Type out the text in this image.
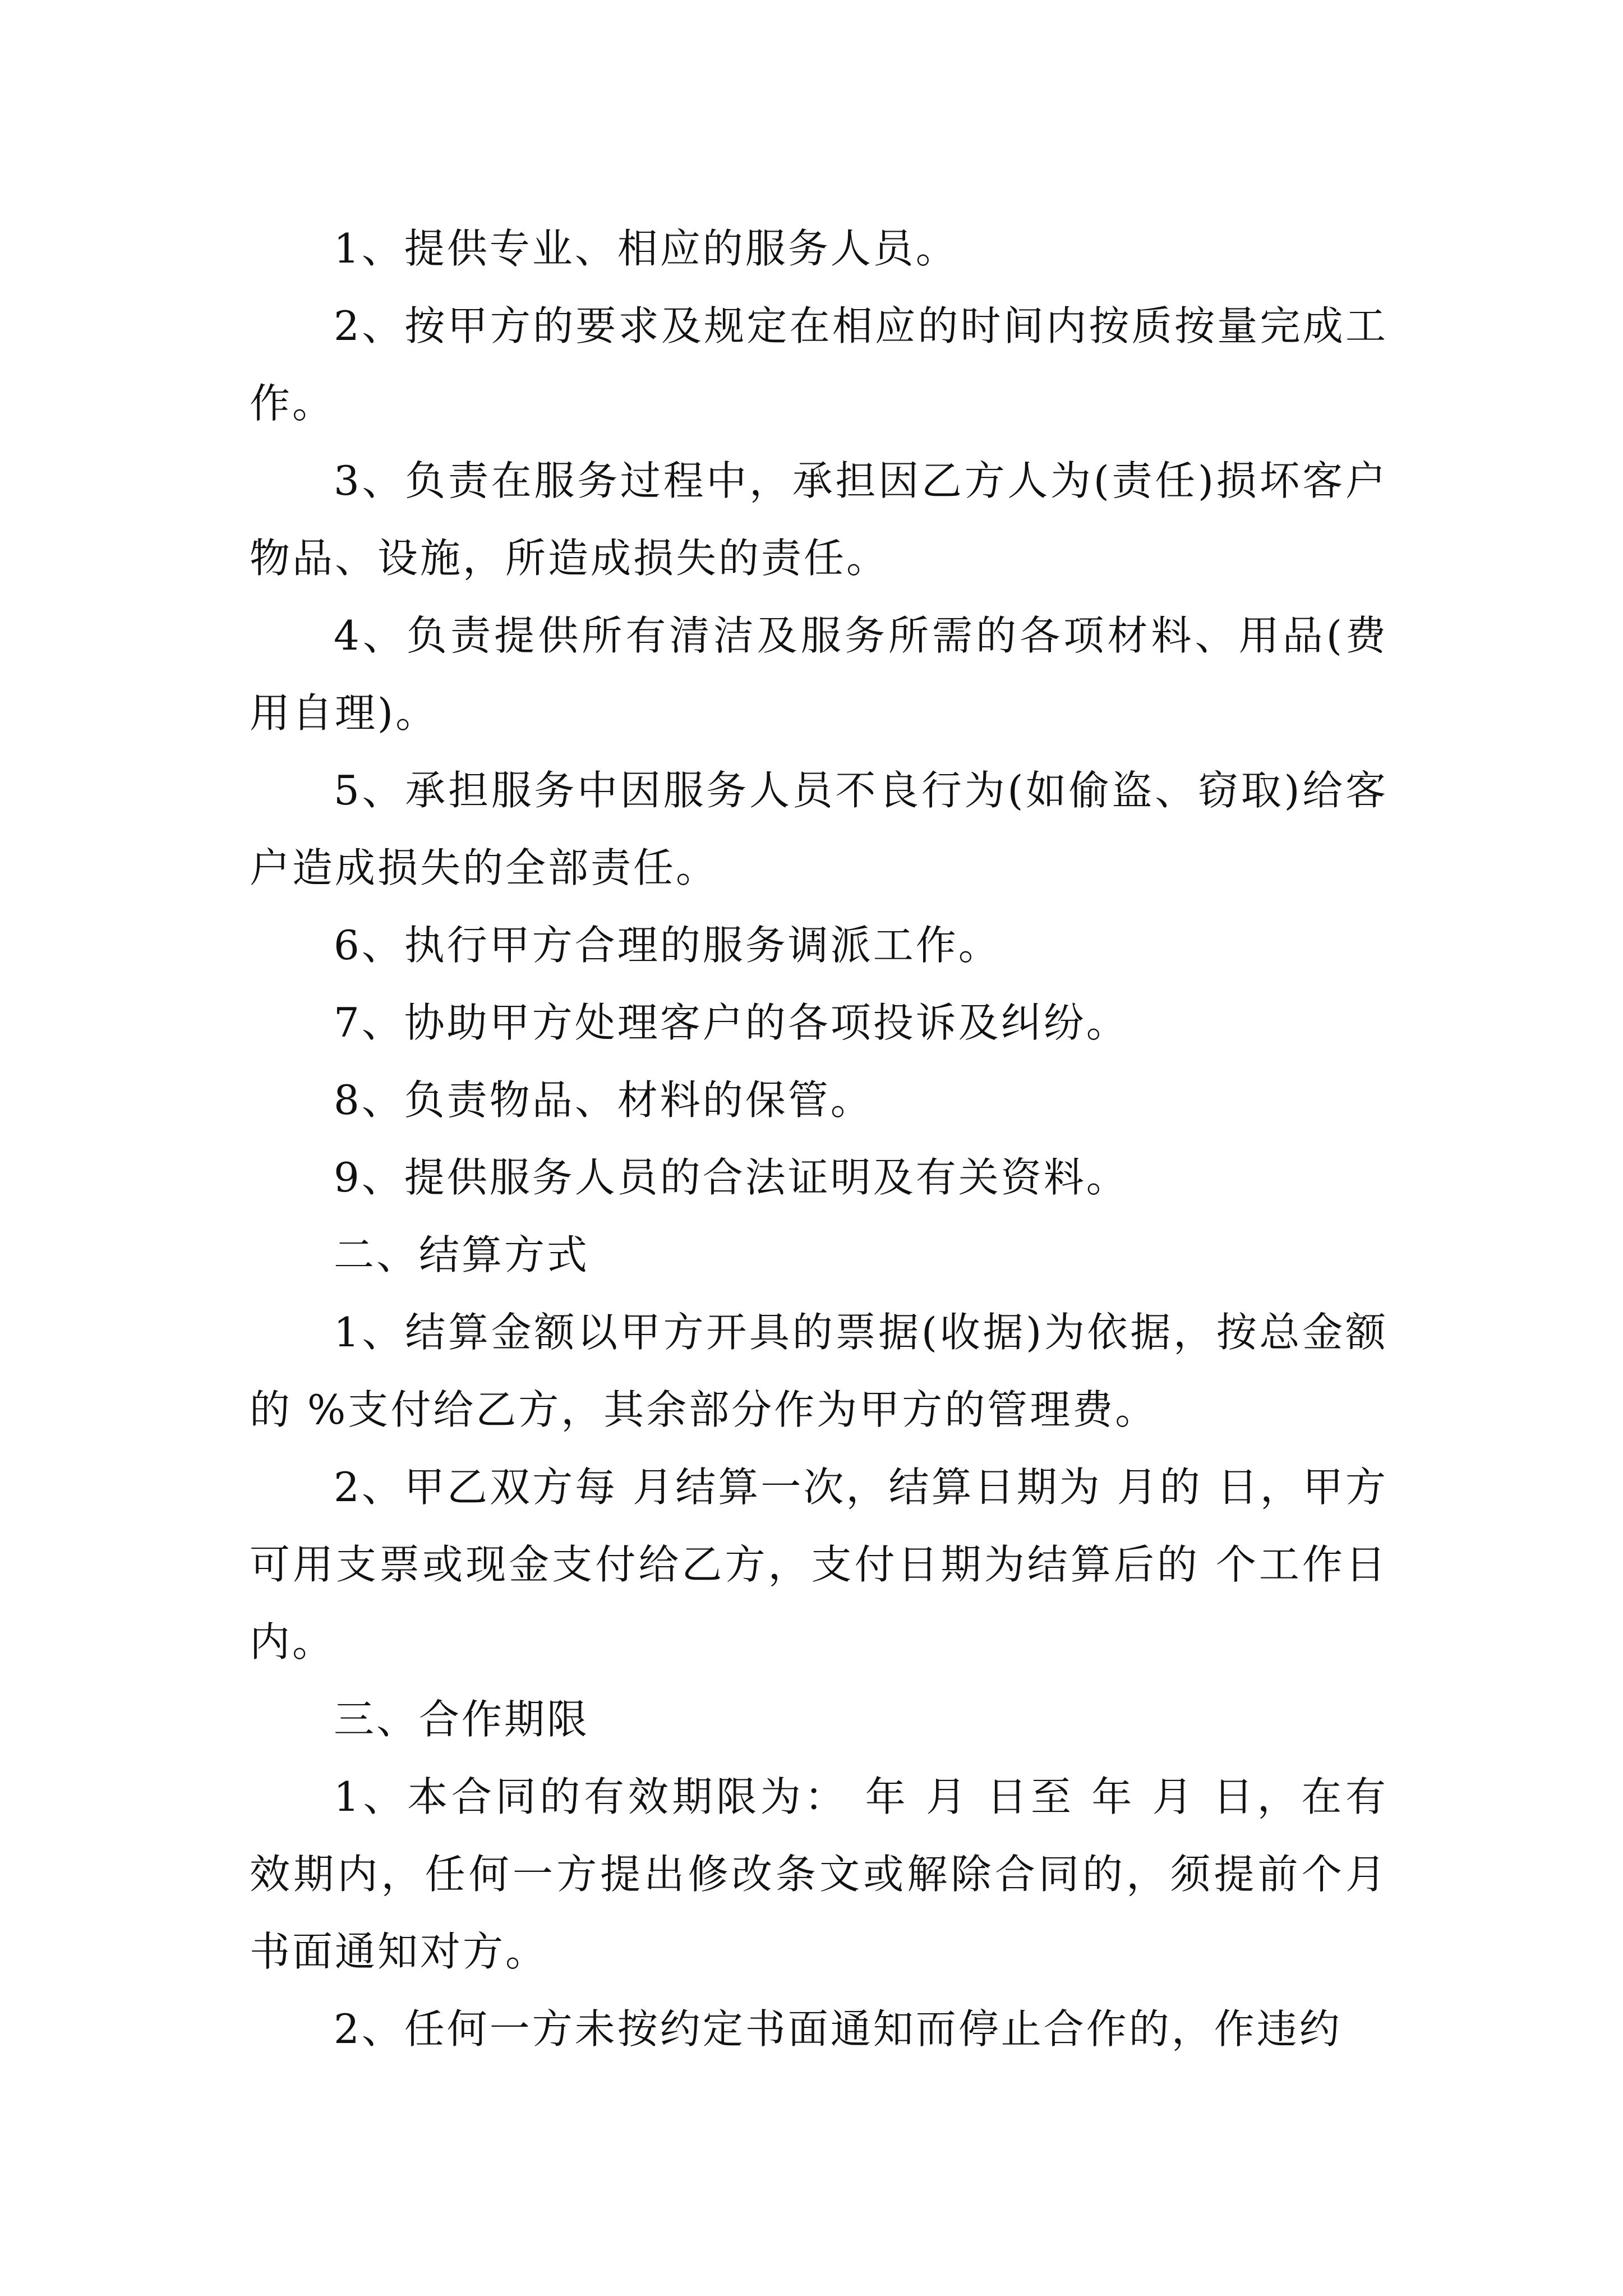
1、提供专业、相应的服务人员。

2、按甲方的要求及规定在相应的时间内按质按量完成工作。

3、负责在服务过程中，承担因乙方人为(责任)损坏客户物品、设施，所造成损失的责任。

4、负责提供所有清洁及服务所需的各项材料、用品(费用自理)。

5、承担服务中因服务人员不良行为(如偷盗、窃取)给客户造成损失的全部责任。

6、执行甲方合理的服务调派工作。

7、协助甲方处理客户的各项投诉及纠纷。

8、负责物品、材料的保管。

9、提供服务人员的合法证明及有关资料。

二、结算方式

1、结算金额以甲方开具的票据(收据)为依据，按总金额的 %支付给乙方，其余部分作为甲方的管理费。

2、甲乙双方每 月结算一次，结算日期为 月的 日，甲方可用支票或现金支付给乙方，支付日期为结算后的 个工作日内。

三、合作期限

1、本合同的有效期限为： 年 月 日至 年 月 日，在有效期内，任何一方提出修改条文或解除合同的，须提前个月书面通知对方。

2、任何一方未按约定书面通知而停止合作的，作违约
